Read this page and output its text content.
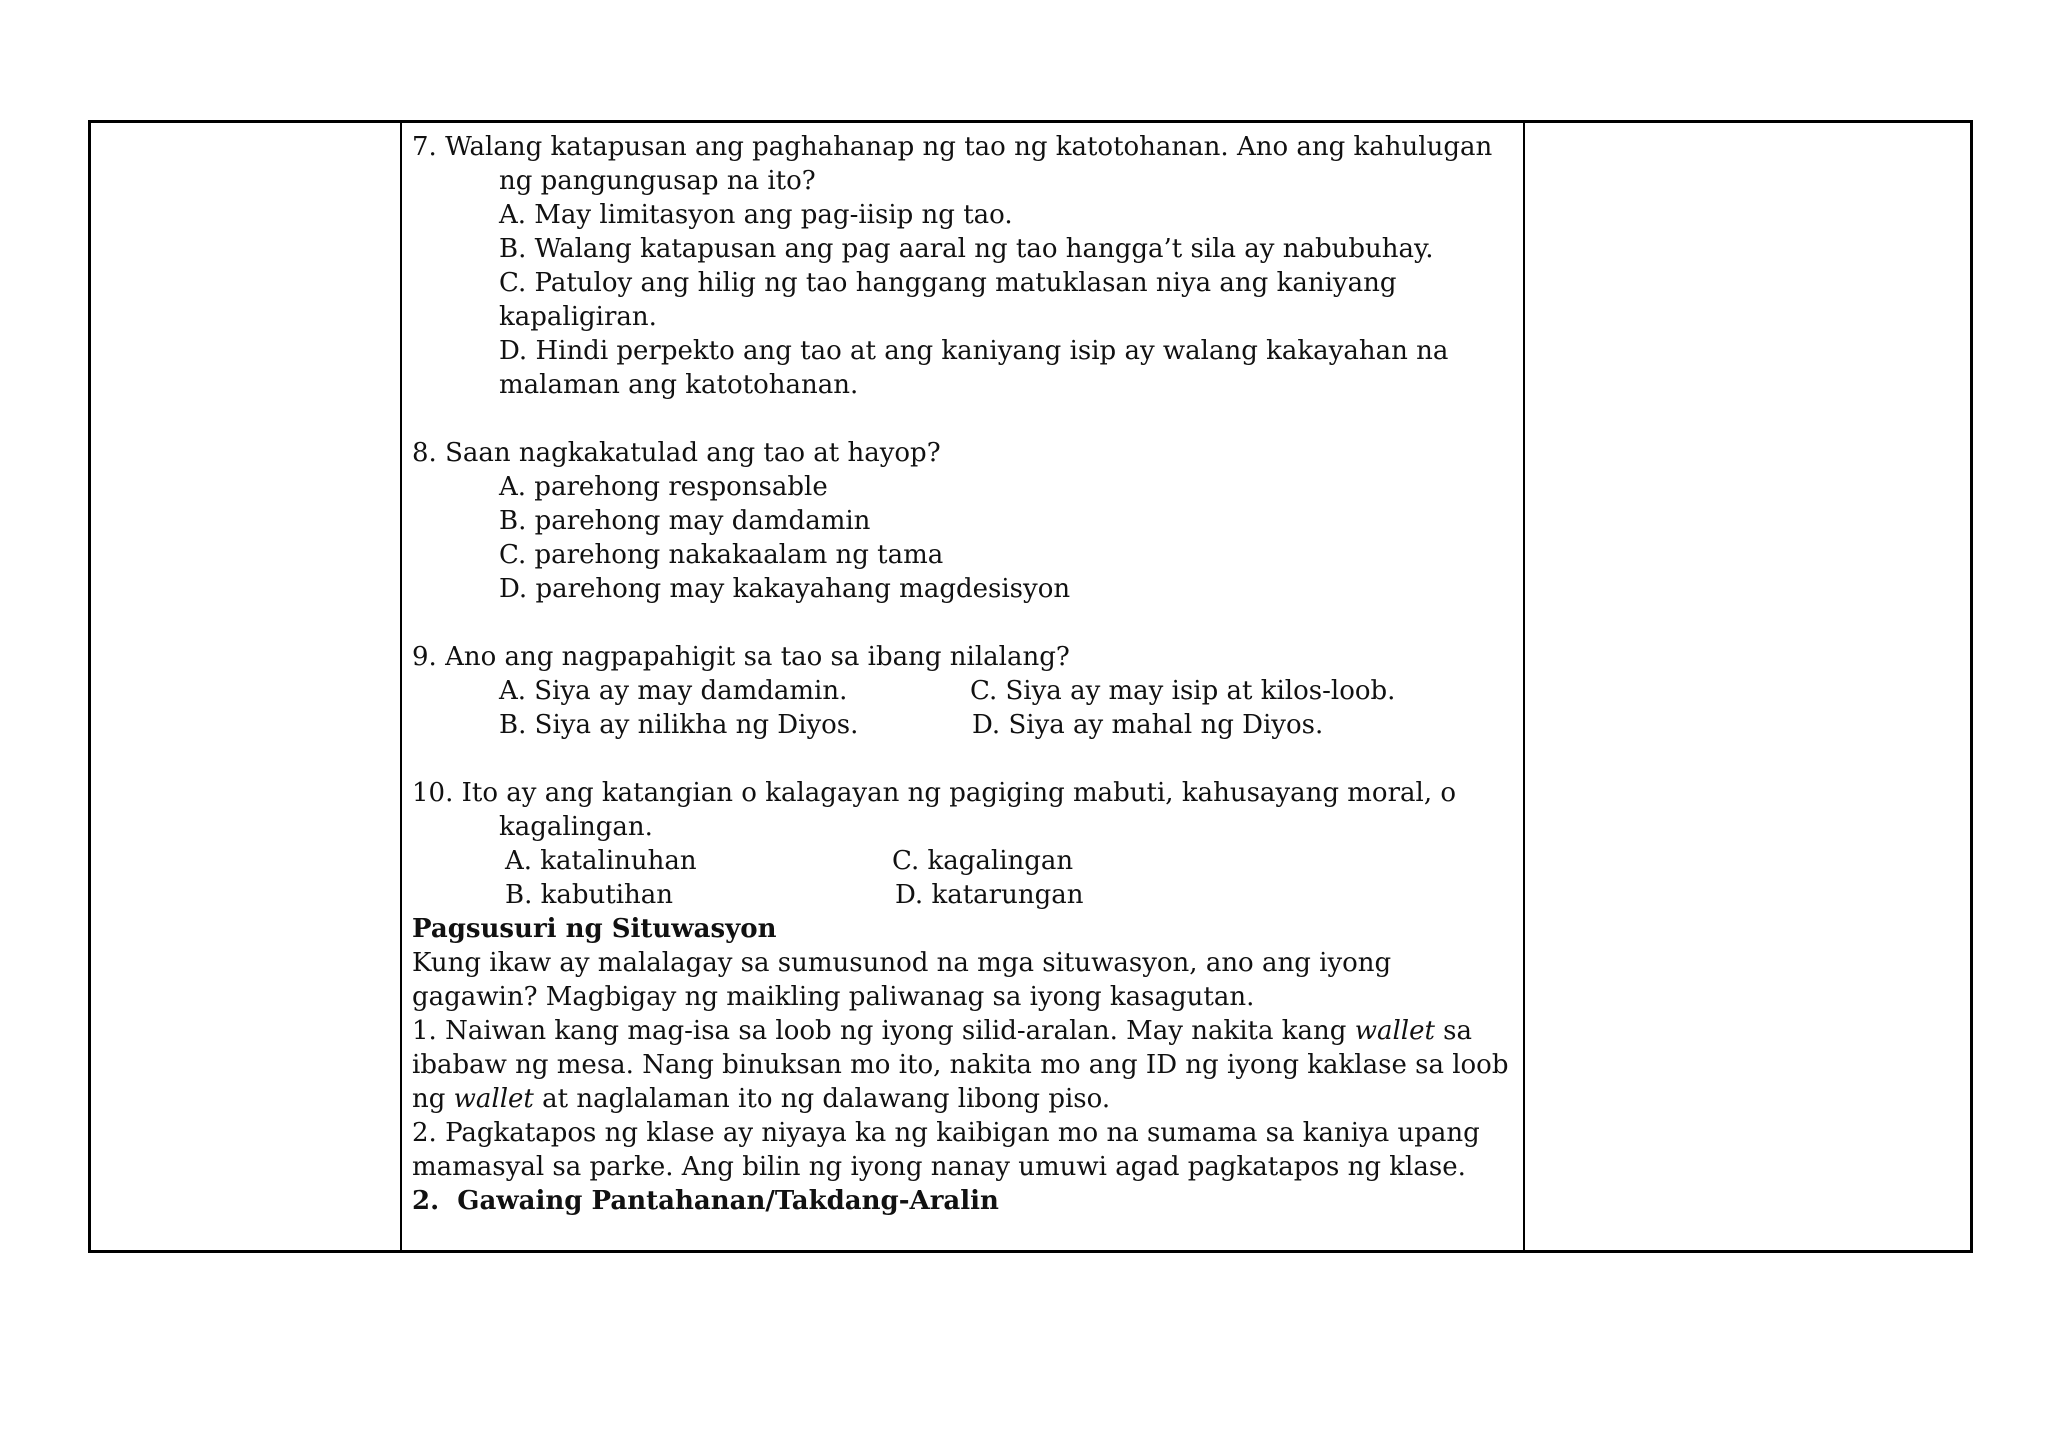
7. Walang katapusan ang paghahanap ng tao ng katotohanan. Ano ang kahulugan
ng pangungusap na ito?
A. May limitasyon ang pag-iisip ng tao.
B. Walang katapusan ang pag aaral ng tao hangga’t sila ay nabubuhay.
C. Patuloy ang hilig ng tao hanggang matuklasan niya ang kaniyang
kapaligiran.
D. Hindi perpekto ang tao at ang kaniyang isip ay walang kakayahan na
malaman ang katotohanan.
8. Saan nagkakatulad ang tao at hayop?
A. parehong responsable
B. parehong may damdamin
C. parehong nakakaalam ng tama
D. parehong may kakayahang magdesisyon
9. Ano ang nagpapahigit sa tao sa ibang nilalang?
A. Siya ay may damdamin.	C. Siya ay may isip at kilos-loob.
B. Siya ay nilikha ng Diyos.	D. Siya ay mahal ng Diyos.
10. Ito ay ang katangian o kalagayan ng pagiging mabuti, kahusayang moral, o
kagalingan.
A. katalinuhan	C. kagalingan
B. kabutihan	D. katarungan
Pagsusuri ng Situwasyon
Kung ikaw ay malalagay sa sumusunod na mga situwasyon, ano ang iyong
gagawin? Magbigay ng maikling paliwanag sa iyong kasagutan.
1. Naiwan kang mag-isa sa loob ng iyong silid-aralan. May nakita kang wallet sa
ibabaw ng mesa. Nang binuksan mo ito, nakita mo ang ID ng iyong kaklase sa loob
ng wallet at naglalaman ito ng dalawang libong piso.
2. Pagkatapos ng klase ay niyaya ka ng kaibigan mo na sumama sa kaniya upang
mamasyal sa parke. Ang bilin ng iyong nanay umuwi agad pagkatapos ng klase.
2.  Gawaing Pantahanan/Takdang-Aralin
